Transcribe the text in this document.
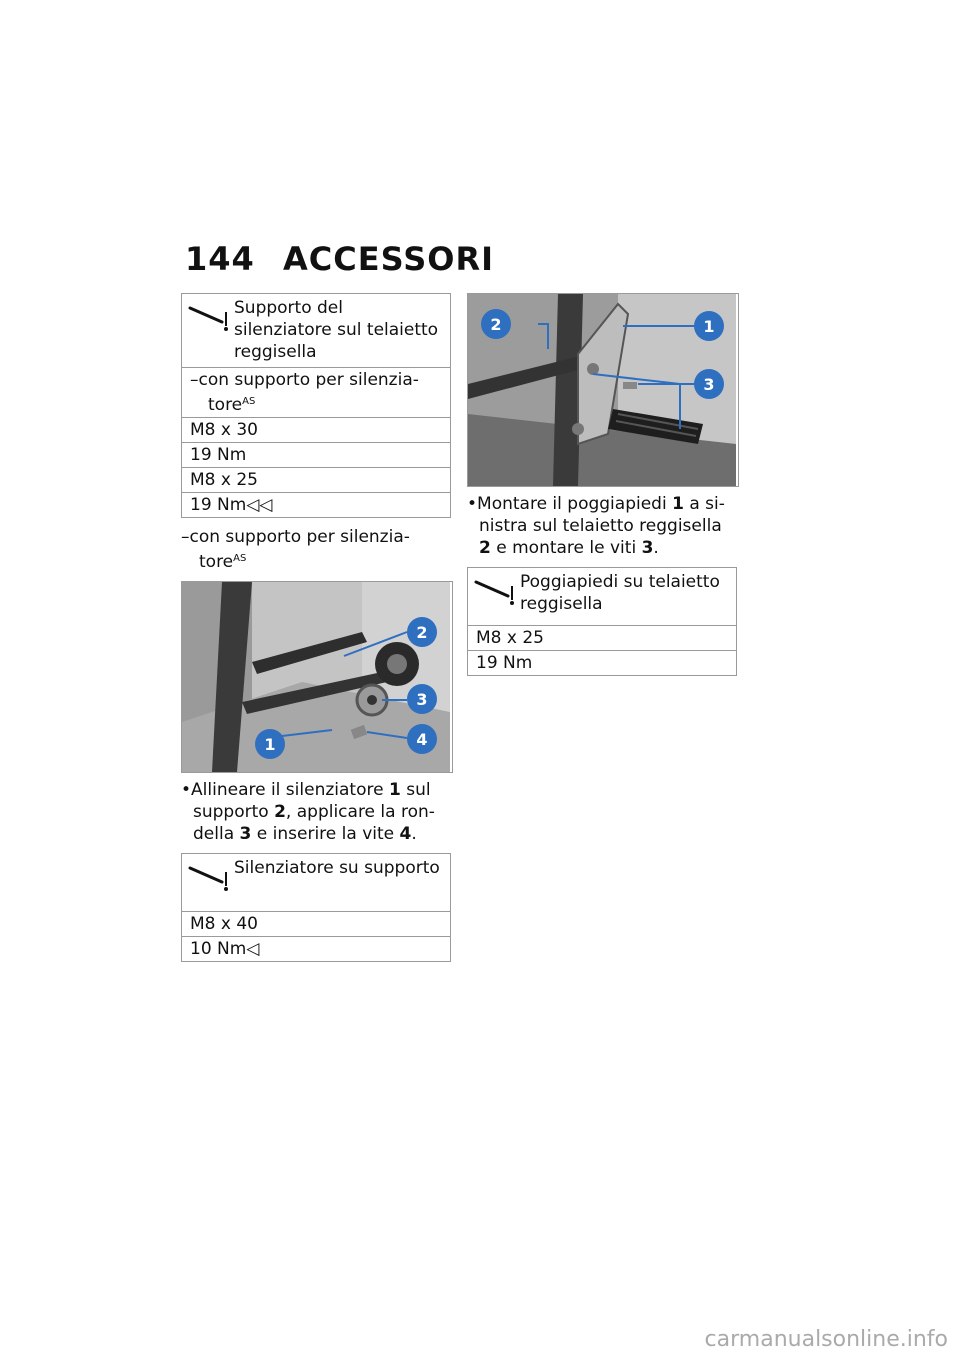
144 ACCESSORI
Supporto del silenziatore sul telaietto reggisella

–con supporto per silenzia-tore$^{AS}$

M8 x 30
19 Nm
M8 x 25
19 Nm◁◁

–con supporto per silenzia-tore$^{AS}$

2
3
4
1

•Allineare il silenziatore 1 sul supporto 2, applicare la ron-della 3 e inserire la vite 4.

Silenziatore su supporto
M8 x 40
10 Nm◁
2	1
3

•Montare il poggiapiedi 1 a si-nistra sul telaietto reggisella 2 e montare le viti 3.

Poggiapiedi su telaietto reggisella
M8 x 25
19 Nm
carmanualsonline.info
